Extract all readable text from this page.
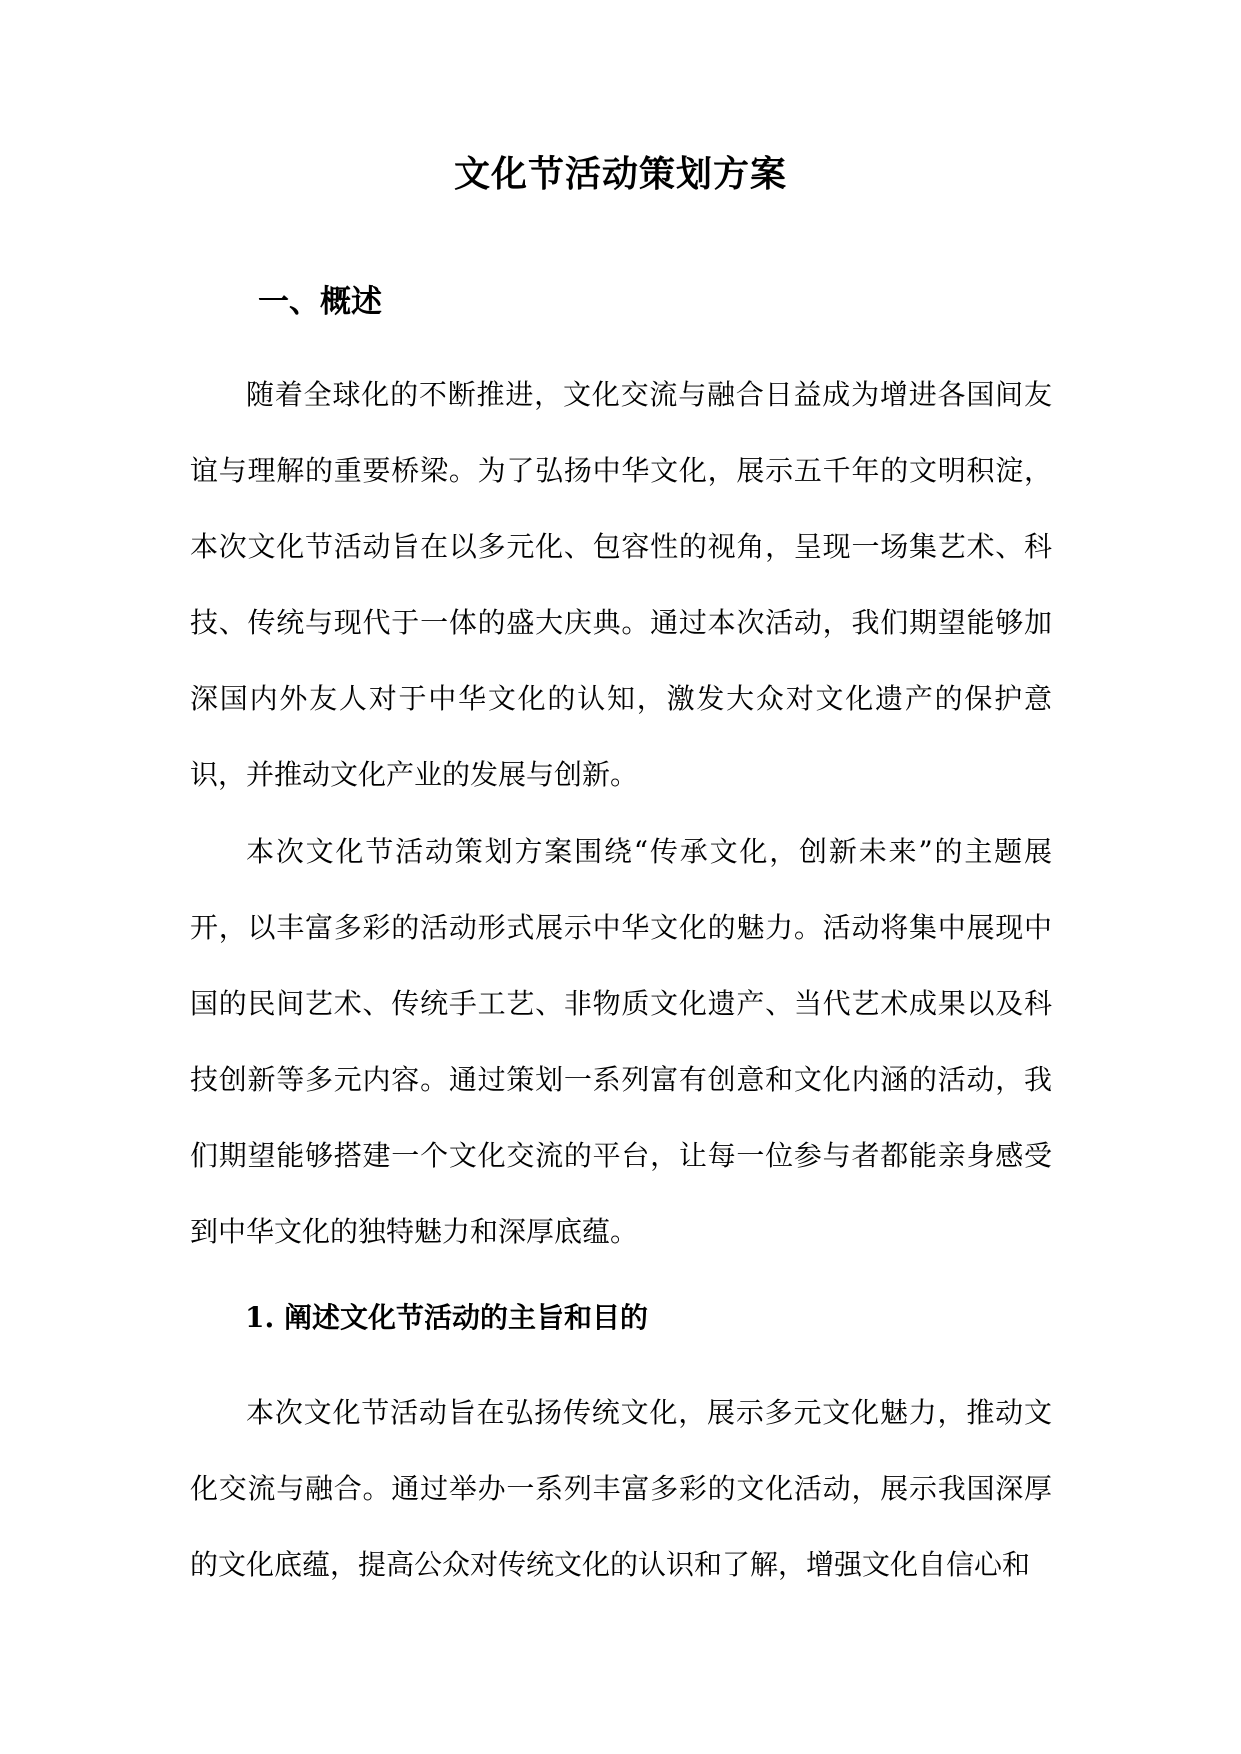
文化节活动策划方案
一、概述

随着全球化的不断推进，文化交流与融合日益成为增进各国间友谊与理解的重要桥梁。为了弘扬中华文化，展示五千年的文明积淀，本次文化节活动旨在以多元化、包容性的视角，呈现一场集艺术、科技、传统与现代于一体的盛大庆典。通过本次活动，我们期望能够加深国内外友人对于中华文化的认知，激发大众对文化遗产的保护意识，并推动文化产业的发展与创新。

本次文化节活动策划方案围绕“传承文化，创新未来”的主题展开，以丰富多彩的活动形式展示中华文化的魅力。活动将集中展现中国的民间艺术、传统手工艺、非物质文化遗产、当代艺术成果以及科技创新等多元内容。通过策划一系列富有创意和文化内涵的活动，我们期望能够搭建一个文化交流的平台，让每一位参与者都能亲身感受到中华文化的独特魅力和深厚底蕴。

1. 阐述文化节活动的主旨和目的

本次文化节活动旨在弘扬传统文化，展示多元文化魅力，推动文化交流与融合。通过举办一系列丰富多彩的文化活动，展示我国深厚的文化底蕴，提高公众对传统文化的认识和了解，增强文化自信心和
